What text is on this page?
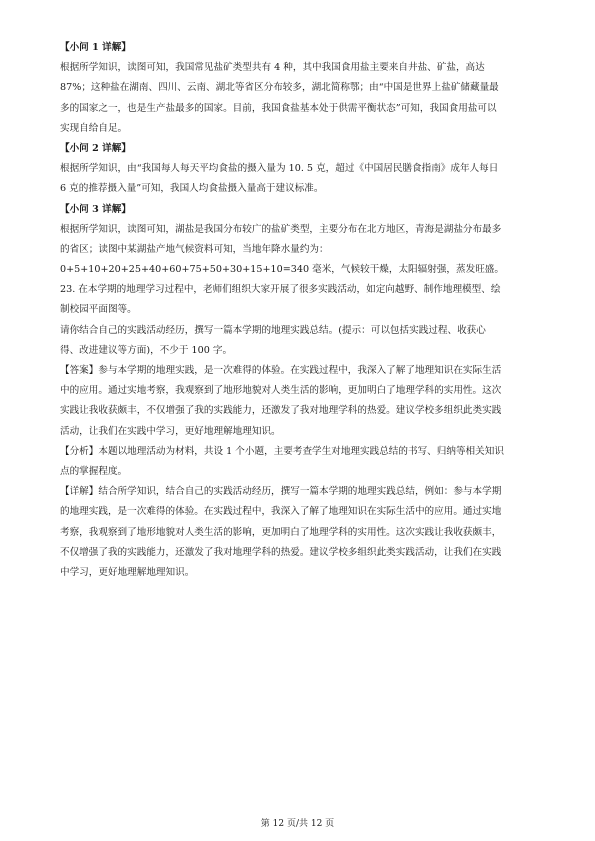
【小问 1 详解】
根据所学知识，读图可知，我国常见盐矿类型共有 4 种，其中我国食用盐主要来自井盐、矿盐，高达
87%；这种盐在湖南、四川、云南、湖北等省区分布较多，湖北简称鄂；由“中国是世界上盐矿储藏量最
多的国家之一，也是生产盐最多的国家。目前，我国食盐基本处于供需平衡状态”可知，我国食用盐可以
实现自给自足。
【小问 2 详解】
根据所学知识，由“我国每人每天平均食盐的摄入量为 10. 5 克，超过《中国居民膳食指南》成年人每日
6 克的推荐摄入量”可知，我国人均食盐摄入量高于建议标准。
【小问 3 详解】
根据所学知识，读图可知，湖盐是我国分布较广的盐矿类型，主要分布在北方地区，青海是湖盐分布最多
的省区；读图中某湖盐产地气候资料可知，当地年降水量约为：
0+5+10+20+25+40+60+75+50+30+15+10=340 毫米，气候较干燥，太阳辐射强，蒸发旺盛。
23. 在本学期的地理学习过程中，老师们组织大家开展了很多实践活动，如定向越野、制作地理模型、绘
制校园平面图等。
请你结合自己的实践活动经历，撰写一篇本学期的地理实践总结。(提示：可以包括实践过程、收获心
得、改进建议等方面)，不少于 100 字。
【答案】参与本学期的地理实践，是一次难得的体验。在实践过程中，我深入了解了地理知识在实际生活
中的应用。通过实地考察，我观察到了地形地貌对人类生活的影响，更加明白了地理学科的实用性。这次
实践让我收获颇丰，不仅增强了我的实践能力，还激发了我对地理学科的热爱。建议学校多组织此类实践
活动，让我们在实践中学习，更好地理解地理知识。
【分析】本题以地理活动为材料，共设 1 个小题，主要考查学生对地理实践总结的书写、归纳等相关知识
点的掌握程度。
【详解】结合所学知识，结合自己的实践活动经历，撰写一篇本学期的地理实践总结，例如：参与本学期
的地理实践，是一次难得的体验。在实践过程中，我深入了解了地理知识在实际生活中的应用。通过实地
考察，我观察到了地形地貌对人类生活的影响，更加明白了地理学科的实用性。这次实践让我收获颇丰，
不仅增强了我的实践能力，还激发了我对地理学科的热爱。建议学校多组织此类实践活动，让我们在实践
中学习，更好地理解地理知识。
第 12 页/共 12 页
